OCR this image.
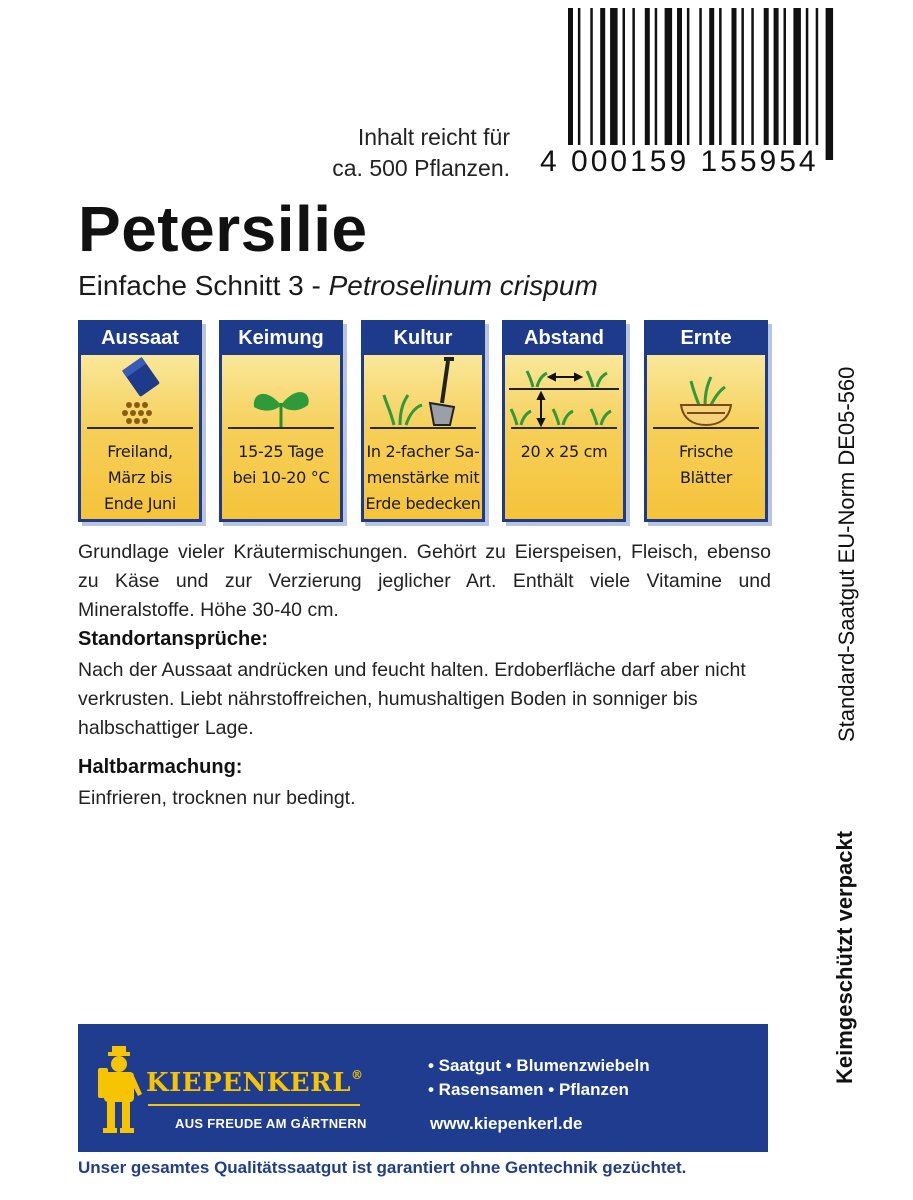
4 000159 155954
Inhalt reicht für
ca. 500 Pflanzen.
Petersilie
Einfache Schnitt 3 - Petroselinum crispum
Aussaat
Freiland,
März bis
Ende Juni
Keimung
15-25 Tage
bei 10-20 °C
Kultur
In 2-facher Sa-
menstärke mit
Erde bedecken
Abstand
20 x 25 cm
Ernte
Frische
Blätter
Grundlage vieler Kräutermischungen. Gehört zu Eierspeisen, Fleisch, ebenso zu Käse und zur Verzierung jeglicher Art. Enthält viele Vitamine und Mineralstoffe. Höhe 30-40 cm.
Standortansprüche:
Nach der Aussaat andrücken und feucht halten. Erdoberfläche darf aber nicht verkrusten. Liebt nährstoffreichen, humushaltigen Boden in sonniger bis halbschattiger Lage.
Haltbarmachung:
Einfrieren, trocknen nur bedingt.
Standard-Saatgut EU-Norm DE05-560
Keimgeschützt verpackt
KIEPENKERL®
AUS FREUDE AM GÄRTNERN
• Saatgut • Blumenzwiebeln
• Rasensamen • Pflanzen
www.kiepenkerl.de
Unser gesamtes Qualitätssaatgut ist garantiert ohne Gentechnik gezüchtet.
